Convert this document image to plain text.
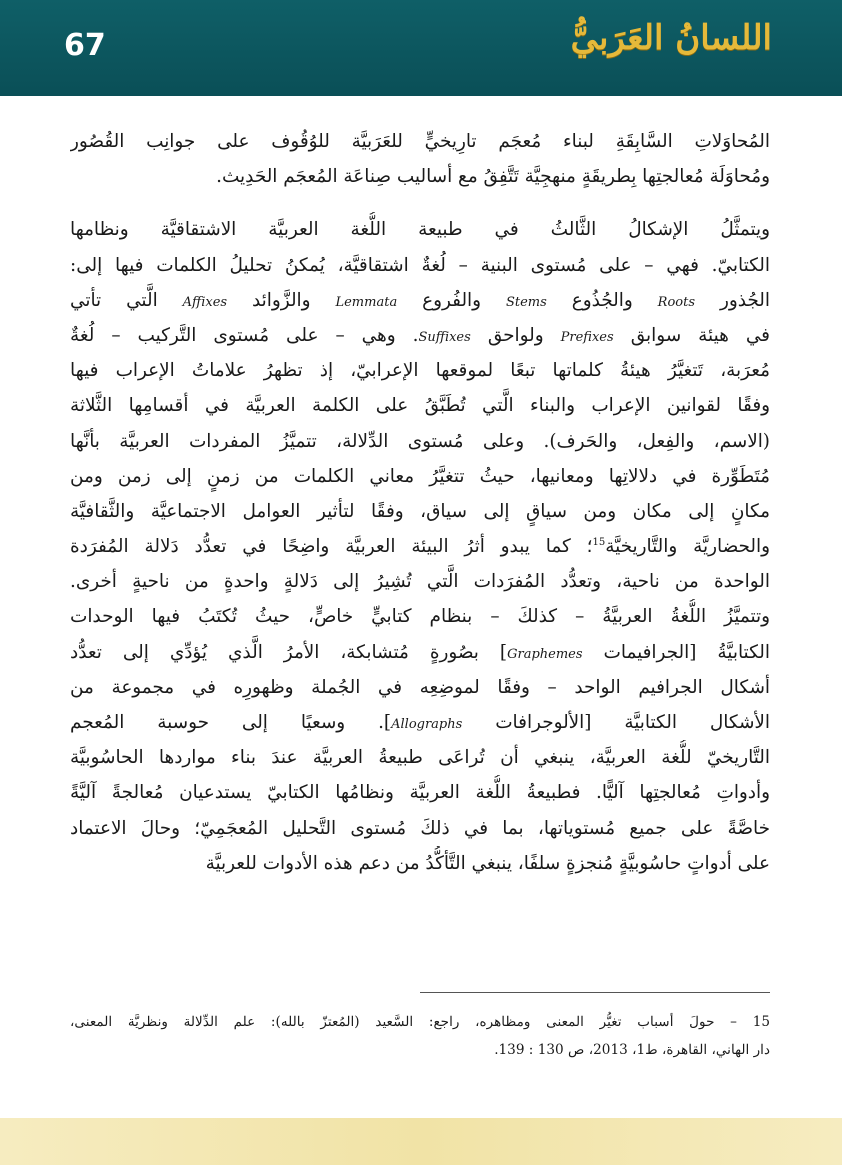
67	اللسانُ العَرَبيُّ
المُحاوَلاتِ السَّابِقَةِ لبناء مُعجَم تارِيخيٍّ للعَرَبيَّة للوُقُوف على جوانِب القُصُور
ومُحاوَلَة مُعالجتِها بِطريقَةٍ منهجِيَّة تَتَّفِقُ مع أساليب صِناعَة المُعجَم الحَدِيث.
ويتمثَّلُ الإشكالُ الثَّالثُ في طبيعة اللُّغة العربيَّة الاشتقاقيَّة ونظامها
الكتابيّ. فهي – على مُستوى البنية – لُغةٌ اشتقاقيَّة، يُمكنُ تحليلُ الكلمات فيها إلى:
الجُذور Roots والجُذُوع Stems والفُروع Lemmata والزَّوائد Affixes الَّتي تأتي
في هيئة سوابق Prefixes ولواحق Suffixes. وهي – على مُستوى التَّركيب – لُغةٌ
مُعرَبة، تَتغيَّرُ هيئةُ كلماتها تبعًا لموقعها الإعرابيّ، إذ تظهرُ علاماتُ الإعراب فيها
وفقًا لقوانين الإعراب والبناء الَّتي تُطَبَّقُ على الكلمة العربيَّة في أقسامِها الثَّلاثة
(الاسم، والفِعل، والحَرف). وعلى مُستوى الدِّلالة، تتميَّزُ المفردات العربيَّة بأنَّها
مُتَطَوِّرة في دلالاتِها ومعانيها، حيثُ تتغيَّرُ معاني الكلمات من زمنٍ إلى زمن ومن
مكانٍ إلى مكان ومن سياقٍ إلى سياق، وفقًا لتأثير العوامل الاجتماعيَّة والثَّقافيَّة
والحضاريَّة والتَّاريخيَّة$^{15}$؛ كما يبدو أثرُ البيئة العربيَّة واضِحًا في تعدُّد دَلالة المُفرَدة
الواحدة من ناحية، وتعدُّد المُفرَدات الَّتي تُشِيرُ إلى دَلالةٍ واحدةٍ من ناحيةٍ أخرى.
وتتميَّزُ اللُّغةُ العربيَّةُ – كذلكَ – بنظام كتابيٍّ خاصٍّ، حيثُ تُكتَبُ فيها الوحدات
الكتابيَّةُ [الجرافيمات Graphemes] بصُورةٍ مُتشابكة، الأمرُ الَّذي يُؤدِّي إلى تعدُّد
أشكال الجرافيم الواحد – وفقًا لموضِعِه في الجُملة وظهورِه في مجموعة من
الأشكال الكتابيَّة [الألوجرافات Allographs]. وسعيًا إلى حوسبة المُعجم
التَّاريخيّ للُّغة العربيَّة، ينبغي أن تُراعَى طبيعةُ العربيَّة عندَ بناء مواردها الحاسُوبيَّة
وأدواتِ مُعالجتِها آليًّا. فطبيعةُ اللُّغة العربيَّة ونظامُها الكتابيّ يستدعيان مُعالجةً آليَّةً
خاصَّةً على جميع مُستوياتها، بما في ذلكَ مُستوى التَّحليل المُعجَمِيّ؛ وحالَ الاعتماد
على أدواتٍ حاسُوبيَّةٍ مُنجزةٍ سلفًا، ينبغي التَّأكُّدُ من دعم هذه الأدوات للعربيَّة
15 – حولَ أسباب تغيُّر المعنى ومظاهره، راجع: السَّعيد (المُعتزّ بالله): علم الدِّلالة ونظريَّة المعنى،
دار الهاني، القاهرة، ط1، 2013، ص 130 : 139.
